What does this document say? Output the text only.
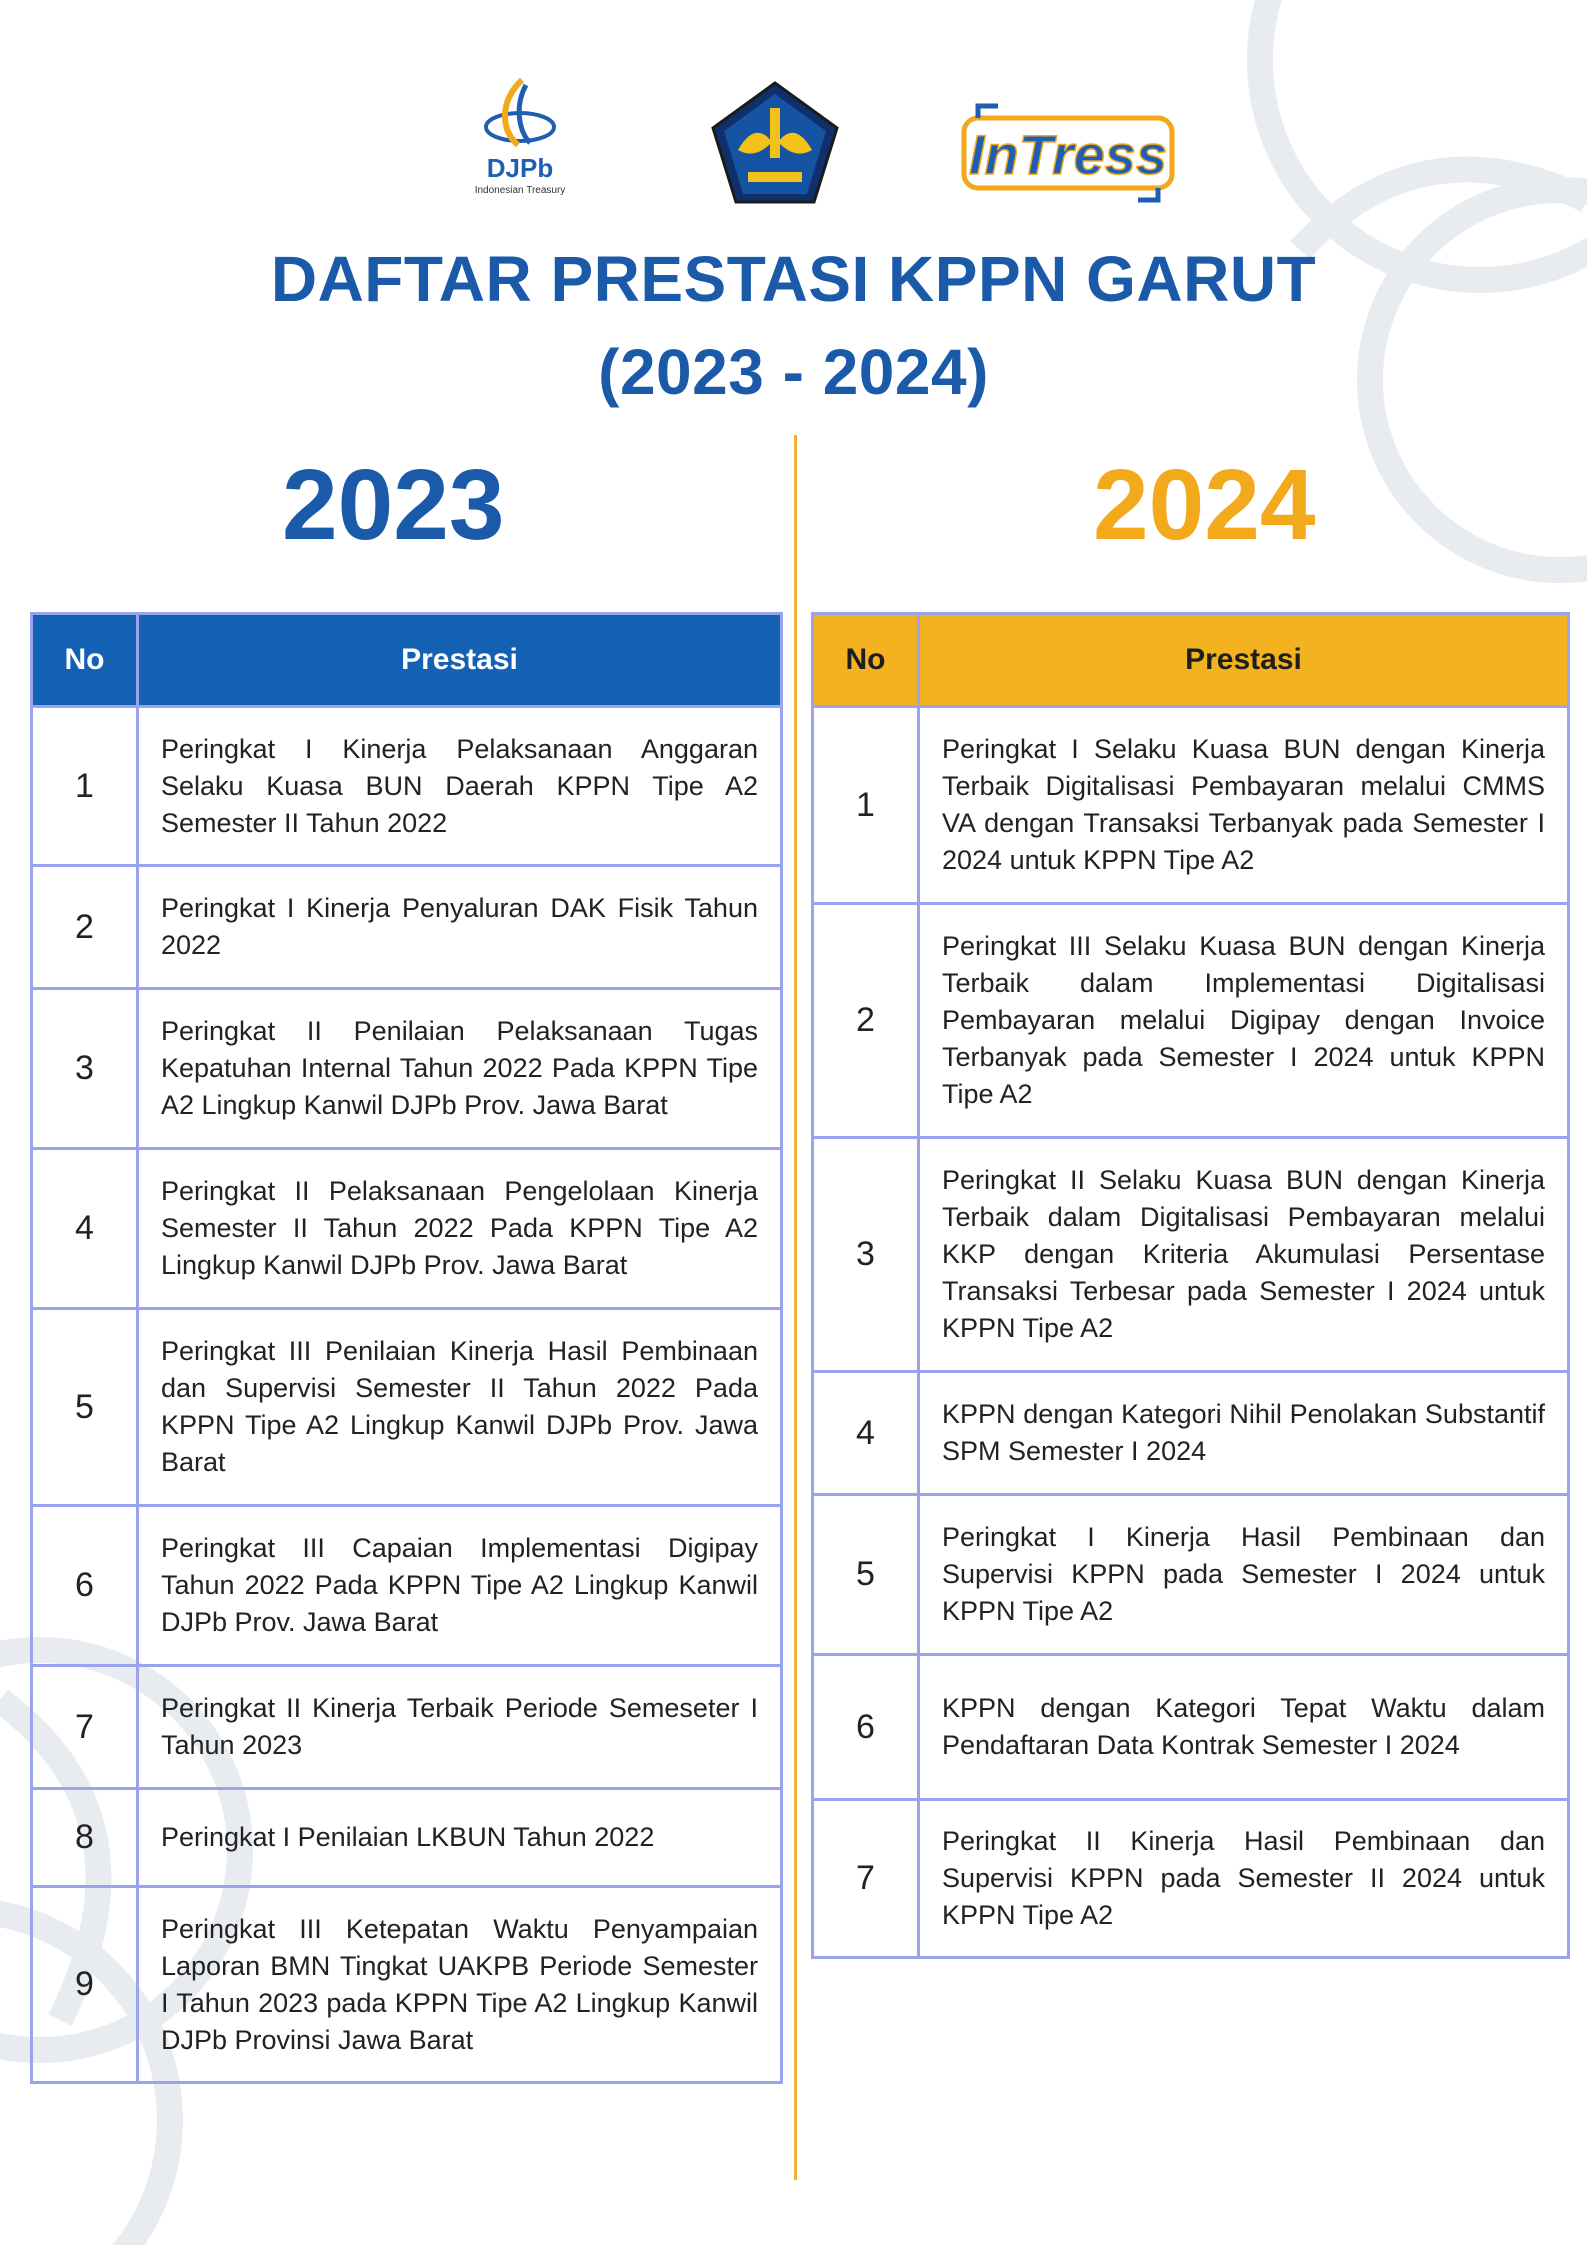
DJPb
Indonesian Treasury
InTress
DAFTAR PRESTASI KPPN GARUT
(2023 - 2024)
2023	2024
No	Prestasi
1	Peringkat I Kinerja Pelaksanaan Anggaran Selaku Kuasa BUN Daerah KPPN Tipe A2 Semester II Tahun 2022
2	Peringkat I Kinerja Penyaluran DAK Fisik Tahun 2022
3	Peringkat II Penilaian Pelaksanaan Tugas Kepatuhan Internal Tahun 2022 Pada KPPN Tipe A2 Lingkup Kanwil DJPb Prov. Jawa Barat
4	Peringkat II Pelaksanaan Pengelolaan Kinerja Semester II Tahun 2022 Pada KPPN Tipe A2 Lingkup Kanwil DJPb Prov. Jawa Barat
5	Peringkat III Penilaian Kinerja Hasil Pembinaan dan Supervisi Semester II Tahun 2022 Pada KPPN Tipe A2 Lingkup Kanwil DJPb Prov. Jawa Barat
6	Peringkat III Capaian Implementasi Digipay Tahun 2022 Pada KPPN Tipe A2 Lingkup Kanwil DJPb Prov. Jawa Barat
7	Peringkat II Kinerja Terbaik Periode Semeseter I Tahun 2023
8	Peringkat I Penilaian LKBUN Tahun 2022
9	Peringkat III Ketepatan Waktu Penyampaian Laporan BMN Tingkat UAKPB Periode Semester I Tahun 2023 pada KPPN Tipe A2 Lingkup Kanwil DJPb Provinsi Jawa Barat
No	Prestasi
1	Peringkat I Selaku Kuasa BUN dengan Kinerja Terbaik Digitalisasi Pembayaran melalui CMMS VA dengan Transaksi Terbanyak pada Semester I 2024 untuk KPPN Tipe A2
2	Peringkat III Selaku Kuasa BUN dengan Kinerja Terbaik dalam Implementasi Digitalisasi Pembayaran melalui Digipay dengan Invoice Terbanyak pada Semester I 2024 untuk KPPN Tipe A2
3	Peringkat II Selaku Kuasa BUN dengan Kinerja Terbaik dalam Digitalisasi Pembayaran melalui KKP dengan Kriteria Akumulasi Persentase Transaksi Terbesar pada Semester I 2024 untuk KPPN Tipe A2
4	KPPN dengan Kategori Nihil Penolakan Substantif SPM Semester I 2024
5	Peringkat I Kinerja Hasil Pembinaan dan Supervisi KPPN pada Semester I 2024 untuk KPPN Tipe A2
6	KPPN dengan Kategori Tepat Waktu dalam Pendaftaran Data Kontrak Semester I 2024
7	Peringkat II Kinerja Hasil Pembinaan dan Supervisi KPPN pada Semester II 2024 untuk KPPN Tipe A2
